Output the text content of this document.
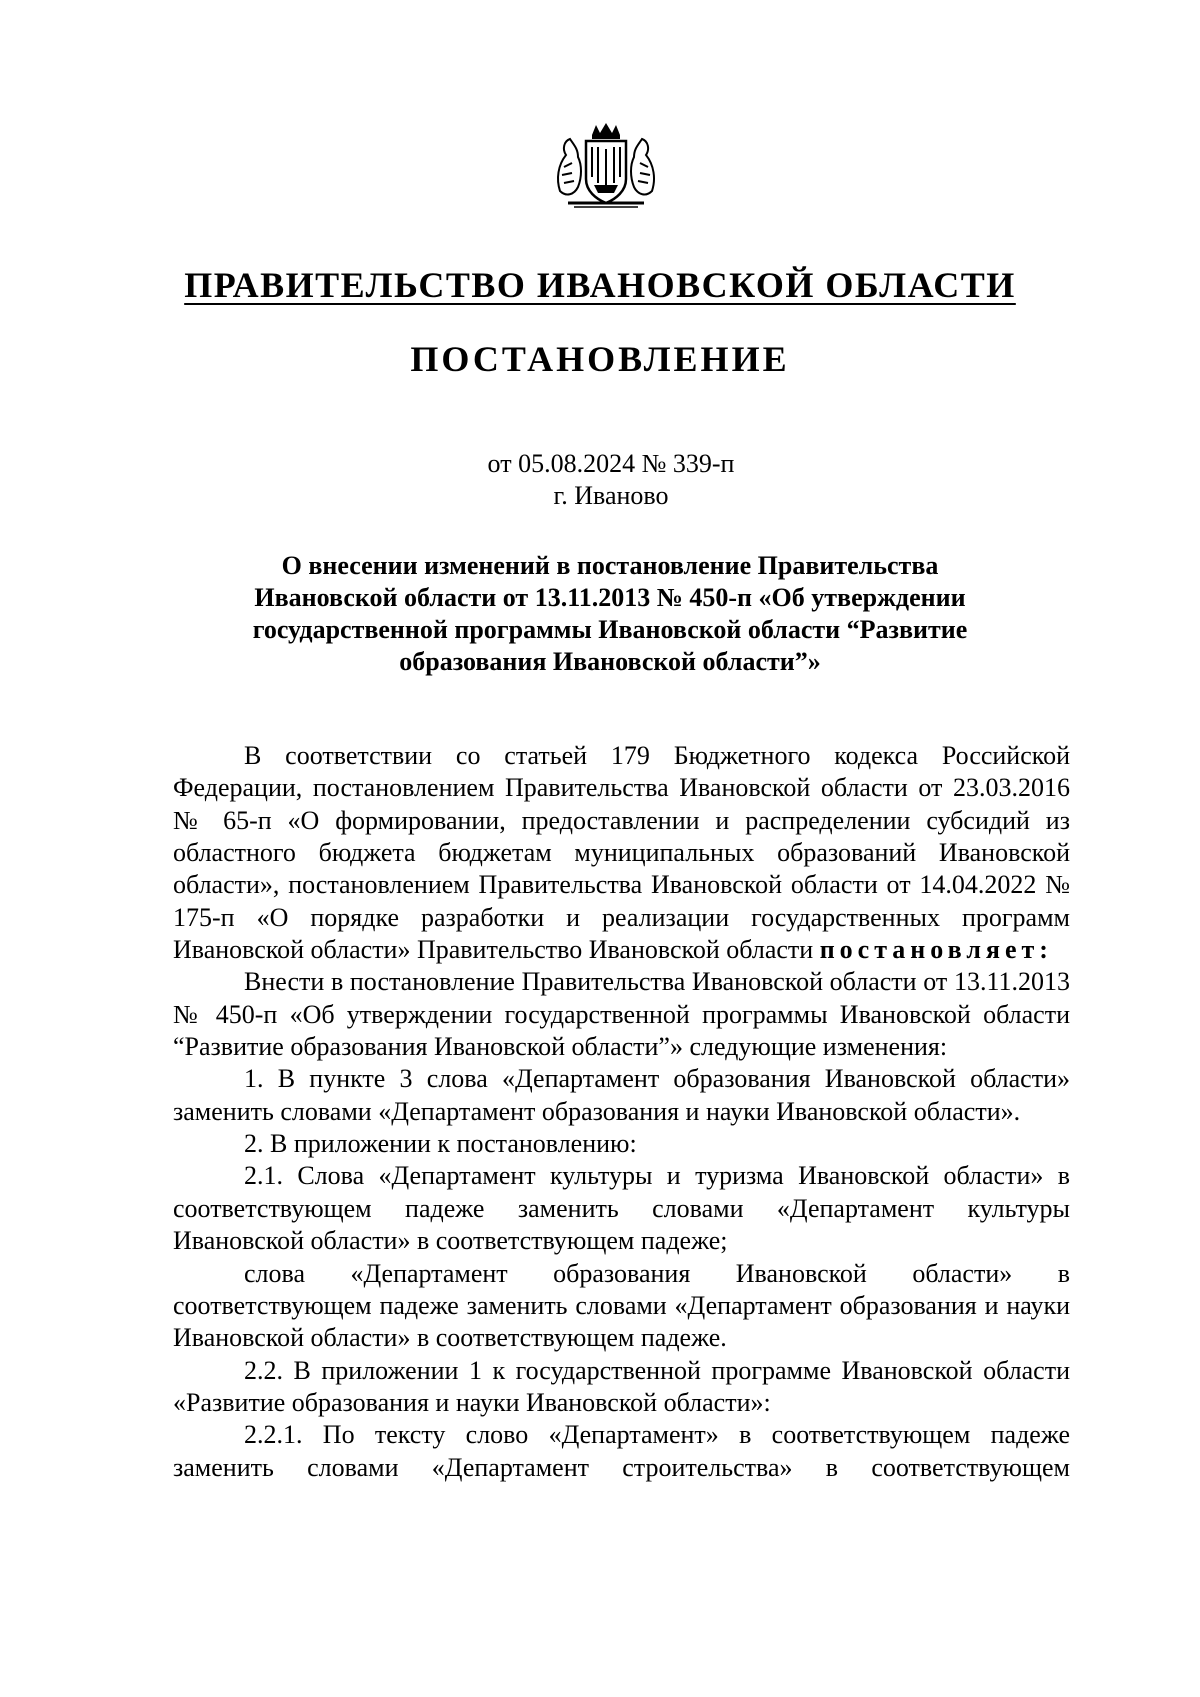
ПРАВИТЕЛЬСТВО ИВАНОВСКОЙ ОБЛАСТИ
ПОСТАНОВЛЕНИЕ
от 05.08.2024 № 339-п
г. Иваново
О внесении изменений в постановление Правительства
Ивановской области от 13.11.2013 № 450-п «Об утверждении
государственной программы Ивановской области “Развитие
образования Ивановской области”»

В соответствии со статьей 179 Бюджетного кодекса Российской Федерации, постановлением Правительства Ивановской области от 23.03.2016 № 65-п «О формировании, предоставлении и распределении субсидий из областного бюджета бюджетам муниципальных образований Ивановской области», постановлением Правительства Ивановской области от 14.04.2022 № 175-п «О порядке разработки и реализации государственных программ Ивановской области» Правительство Ивановской области постановляет:

Внести в постановление Правительства Ивановской области от 13.11.2013 № 450-п «Об утверждении государственной программы Ивановской области “Развитие образования Ивановской области”» следующие изменения:

1. В пункте 3 слова «Департамент образования Ивановской области» заменить словами «Департамент образования и науки Ивановской области».

2. В приложении к постановлению:

2.1. Слова «Департамент культуры и туризма Ивановской области» в соответствующем падеже заменить словами «Департамент культуры Ивановской области» в соответствующем падеже;

слова «Департамент образования Ивановской области» в соответствующем падеже заменить словами «Департамент образования и науки Ивановской области» в соответствующем падеже.

2.2. В приложении 1 к государственной программе Ивановской области «Развитие образования и науки Ивановской области»:

2.2.1. По тексту слово «Департамент» в соответствующем падеже заменить словами «Департамент строительства» в соответствующем
